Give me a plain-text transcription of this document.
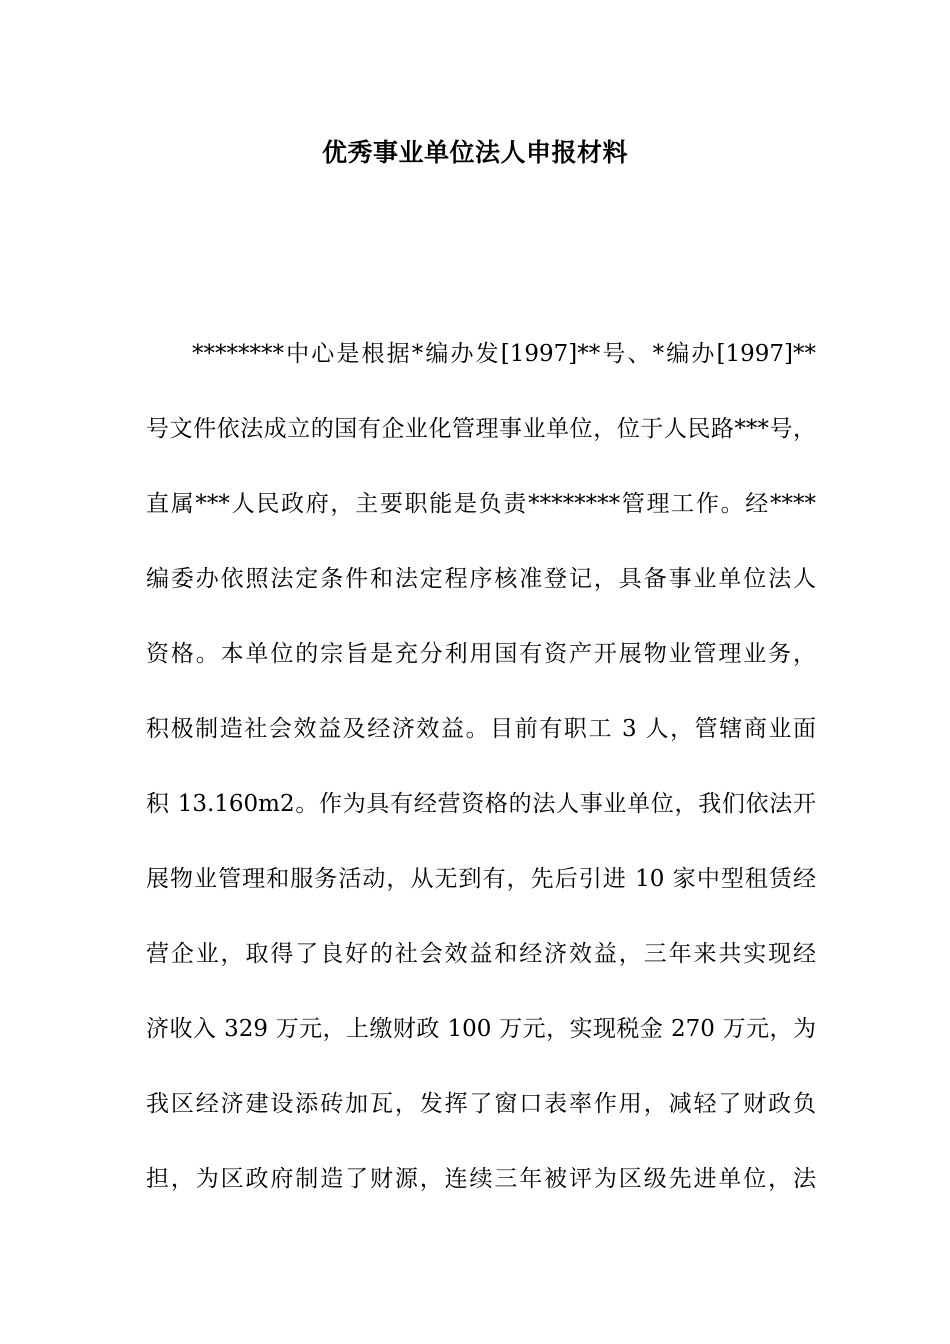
优秀事业单位法人申报材料
********中心是根据*编办发[1997]**号、*编办[1997]**
号文件依法成立的国有企业化管理事业单位，位于人民路***号，
直属***人民政府，主要职能是负责********管理工作。经****
编委办依照法定条件和法定程序核准登记，具备事业单位法人
资格。本单位的宗旨是充分利用国有资产开展物业管理业务，
积极制造社会效益及经济效益。目前有职工 3 人，管辖商业面
积 13.160m2。作为具有经营资格的法人事业单位，我们依法开
展物业管理和服务活动，从无到有，先后引进 10 家中型租赁经
营企业，取得了良好的社会效益和经济效益，三年来共实现经
济收入 329 万元，上缴财政 100 万元，实现税金 270 万元，为
我区经济建设添砖加瓦，发挥了窗口表率作用，减轻了财政负
担，为区政府制造了财源，连续三年被评为区级先进单位，法
